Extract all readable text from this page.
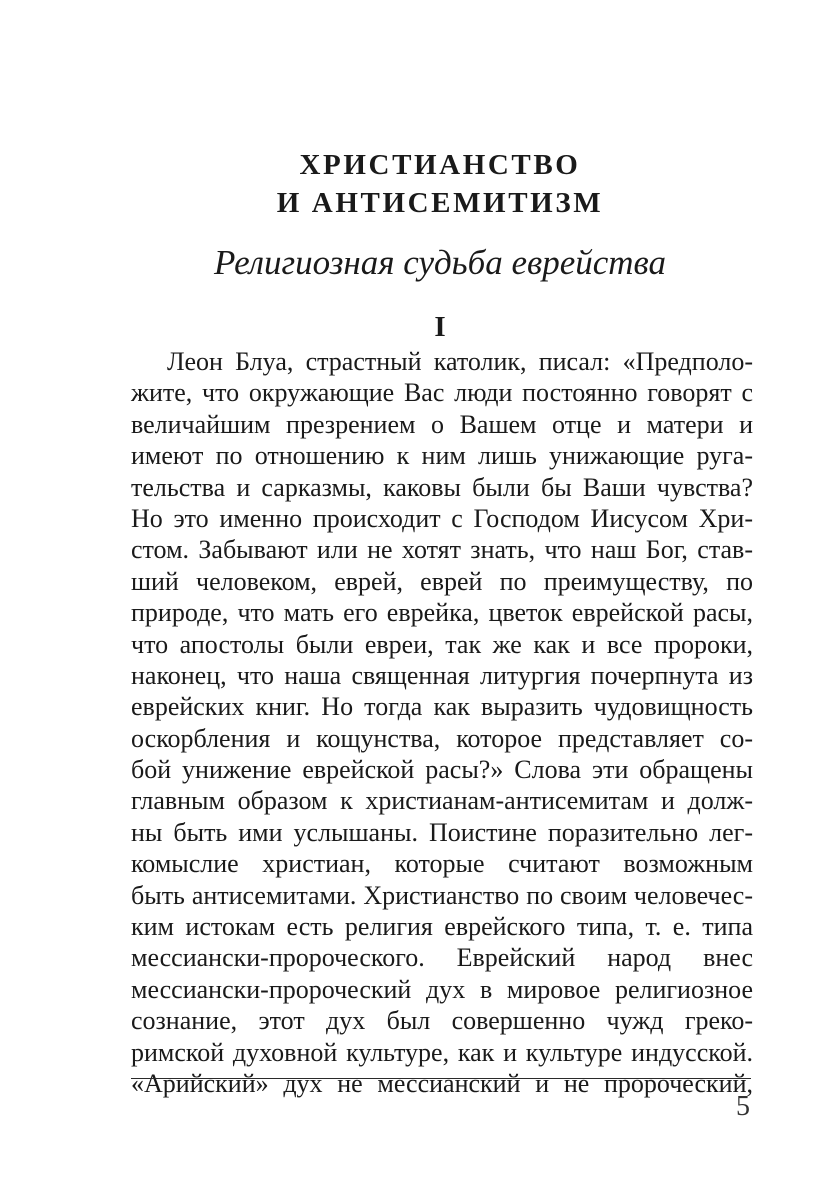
ХРИСТИАНСТВО
И АНТИСЕМИТИЗМ
Религиозная судьба еврейства
I
Леон Блуа, страстный католик, писал: «Предполо-
жите, что окружающие Вас люди постоянно говорят с
величайшим презрением о Вашем отце и матери и
имеют по отношению к ним лишь унижающие руга-
тельства и сарказмы, каковы были бы Ваши чувства?
Но это именно происходит с Господом Иисусом Хри-
стом. Забывают или не хотят знать, что наш Бог, став-
ший человеком, еврей, еврей по преимуществу, по
природе, что мать его еврейка, цветок еврейской расы,
что апостолы были евреи, так же как и все пророки,
наконец, что наша священная литургия почерпнута из
еврейских книг. Но тогда как выразить чудовищность
оскорбления и кощунства, которое представляет со-
бой унижение еврейской расы?» Слова эти обращены
главным образом к христианам-антисемитам и долж-
ны быть ими услышаны. Поистине поразительно лег-
комыслие христиан, которые считают возможным
быть антисемитами. Христианство по своим человечес-
ким истокам есть религия еврейского типа, т. е. типа
мессиански-пророческого. Еврейский народ внес
мессиански-пророческий дух в мировое религиозное
сознание, этот дух был совершенно чужд греко-
римской духовной культуре, как и культуре индусской.
«Арийский» дух не мессианский и не пророческий,
5
